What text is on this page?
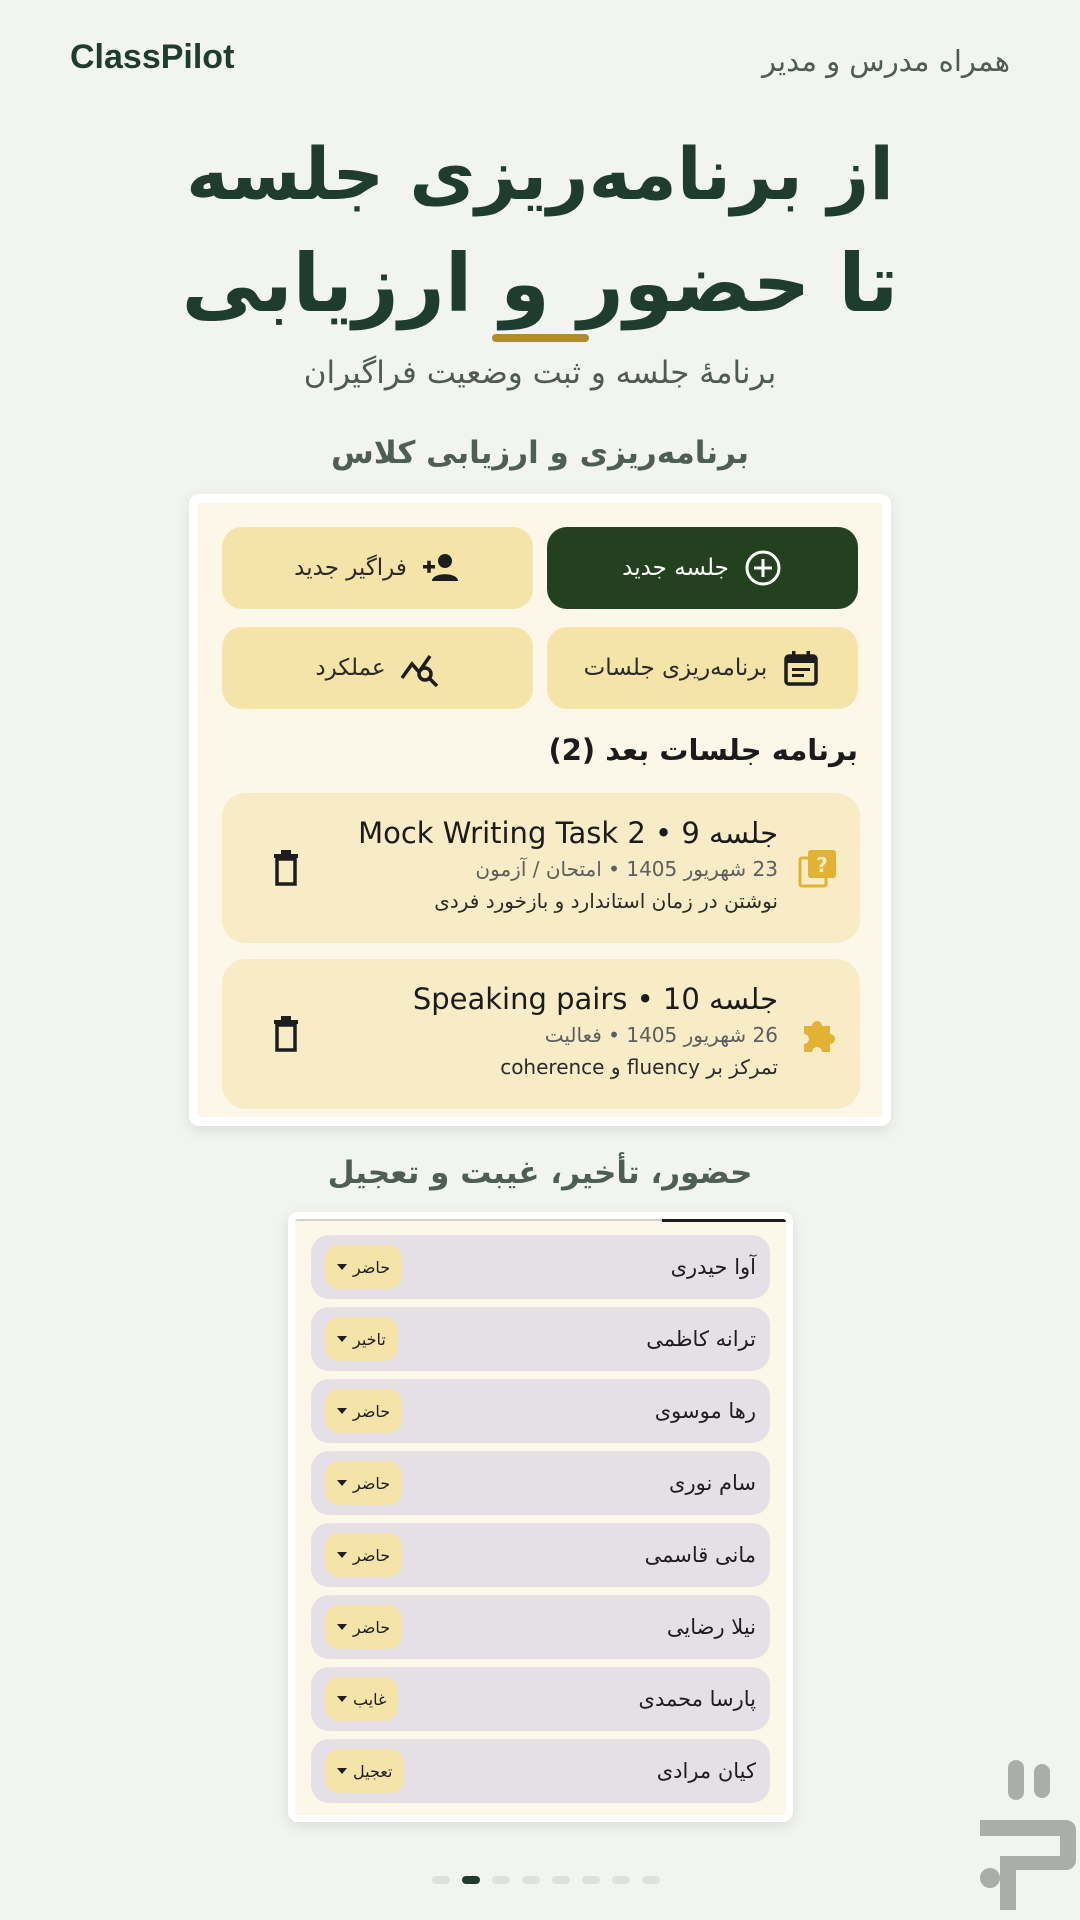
ClassPilot	همراه مدرس و مدیر
از برنامه‌ریزی جلسه
تا حضور و ارزیابی
برنامهٔ جلسه و ثبت وضعیت فراگیران
برنامه‌ریزی و ارزیابی کلاس
جلسه جدید
فراگیر جدید
برنامه‌ریزی جلسات
عملکرد
برنامه جلسات بعد (2)
?
جلسه 9 • Mock Writing Task 2
23 شهریور 1405 • امتحان / آزمون
نوشتن در زمان استاندارد و بازخورد فردی
جلسه 10 • Speaking pairs
26 شهریور 1405 • فعالیت
تمرکز بر fluency و coherence
حضور، تأخیر، غیبت و تعجیل
آوا حیدری
حاضر
ترانه کاظمی
تاخیر
رها موسوی
حاضر
سام نوری
حاضر
مانی قاسمی
حاضر
نیلا رضایی
حاضر
پارسا محمدی
غایب
کیان مرادی
تعجیل
